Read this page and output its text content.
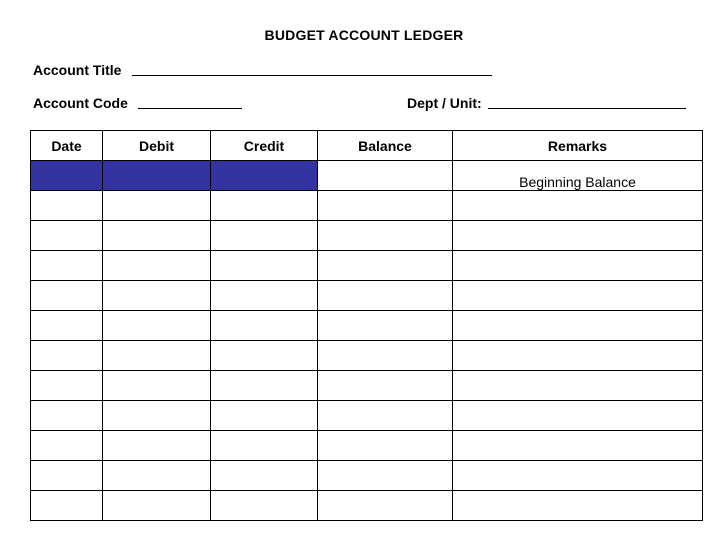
BUDGET ACCOUNT LEDGER
Account Title
Account Code	Dept / Unit:
Date	Debit	Credit	Balance	Remarks
				Beginning Balance
